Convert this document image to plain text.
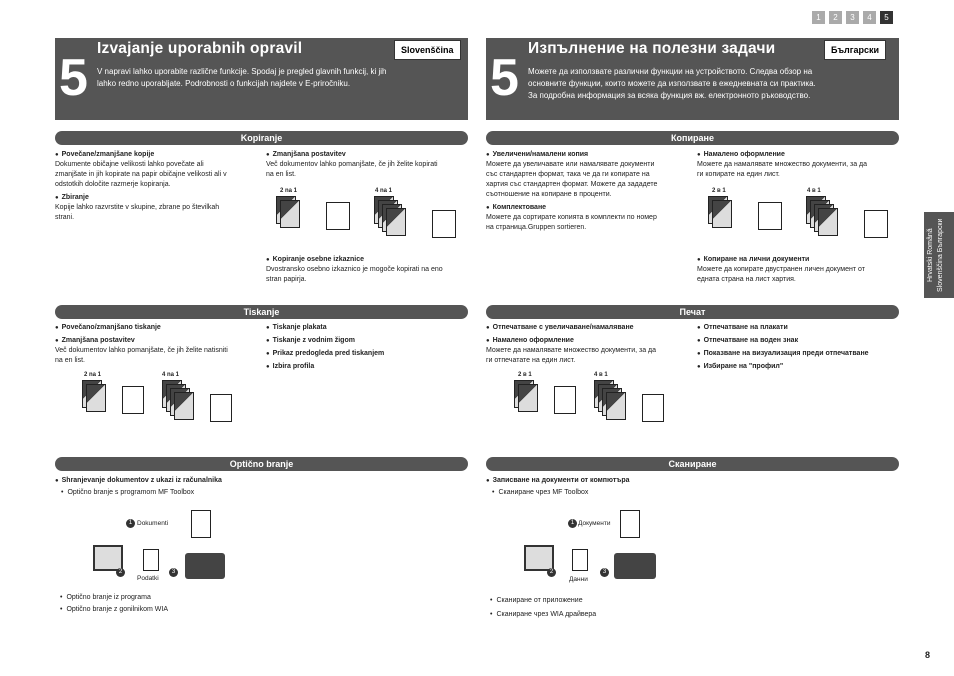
1	2	3	4	5
5
Izvajanje uporabnih opravil	Slovenščina
V napravi lahko uporabite različne funkcije. Spodaj je pregled glavnih funkcij, ki jih
lahko redno uporabljate. Podrobnosti o funkcijah najdete v E-priročniku.
Kopiranje
● Povečane/zmanjšane kopije
Dokumente običajne velikosti lahko povečate ali
zmanjšate in jih kopirate na papir običajne velikosti ali v
odstotkih določite razmerje kopiranja.
● Zbiranje
Kopije lahko razvrstite v skupine, zbrane po številkah
strani.
● Zmanjšana postavitev
Več dokumentov lahko pomanjšate, če jih želite kopirati
na en list.
2 na 1	4 na 1
● Kopiranje osebne izkaznice
Dvostransko osebno izkaznico je mogoče kopirati na eno
stran papirja.
Tiskanje
● Povečano/zmanjšano tiskanje
● Zmanjšana postavitev
Več dokumentov lahko pomanjšate, če jih želite natisniti
na en list.
2 na 1	4 na 1
● Tiskanje plakata
● Tiskanje z vodnim žigom
● Prikaz predogleda pred tiskanjem
● Izbira profila
Optično branje
● Shranjevanje dokumentov z ukazi iz računalnika
• Optično branje s programom MF Toolbox
Dokumenti
1
Podatki
2	3
• Optično branje iz programa
• Optično branje z gonilnikom WIA
5
Изпълнение на полезни задачи	Български
Можете да използвате различни функции на устройството. Следва обзор на
основните функции, които можете да използвате в ежедневната си практика.
За подробна информация за всяка функция вж. електронното ръководство.
Копиране
● Увеличени/намалени копия
Можете да увеличавате или намалявате документи
със стандартен формат, така че да ги копирате на
хартия със стандартен формат. Можете да зададете
съотношение на копиране в проценти.
● Комплектоване
Можете да сортирате копията в комплекти по номер
на страница.Gruppen sortieren.
● Намалено оформление
Можете да намалявате множество документи, за да
ги копирате на един лист.
2 в 1	4 в 1
● Копиране на лични документи
Можете да копирате двустранен личен документ от
едната страна на лист хартия.
Печат
● Отпечатване с увеличаване/намаляване
● Намалено оформление
Можете да намалявате множество документи, за да
ги отпечатате на един лист.
2 в 1	4 в 1
● Отпечатване на плакати
● Отпечатване на воден знак
● Показване на визуализация преди отпечатване
● Избиране на "профил"
Сканиране
● Записване на документи от компютъра
• Сканиране чрез MF Toolbox
Документи
1
Данни
2	3
• Сканиране от приложение
• Сканиране чрез WIA драйвера
Hrvatski Română Slovenščina Български
8
